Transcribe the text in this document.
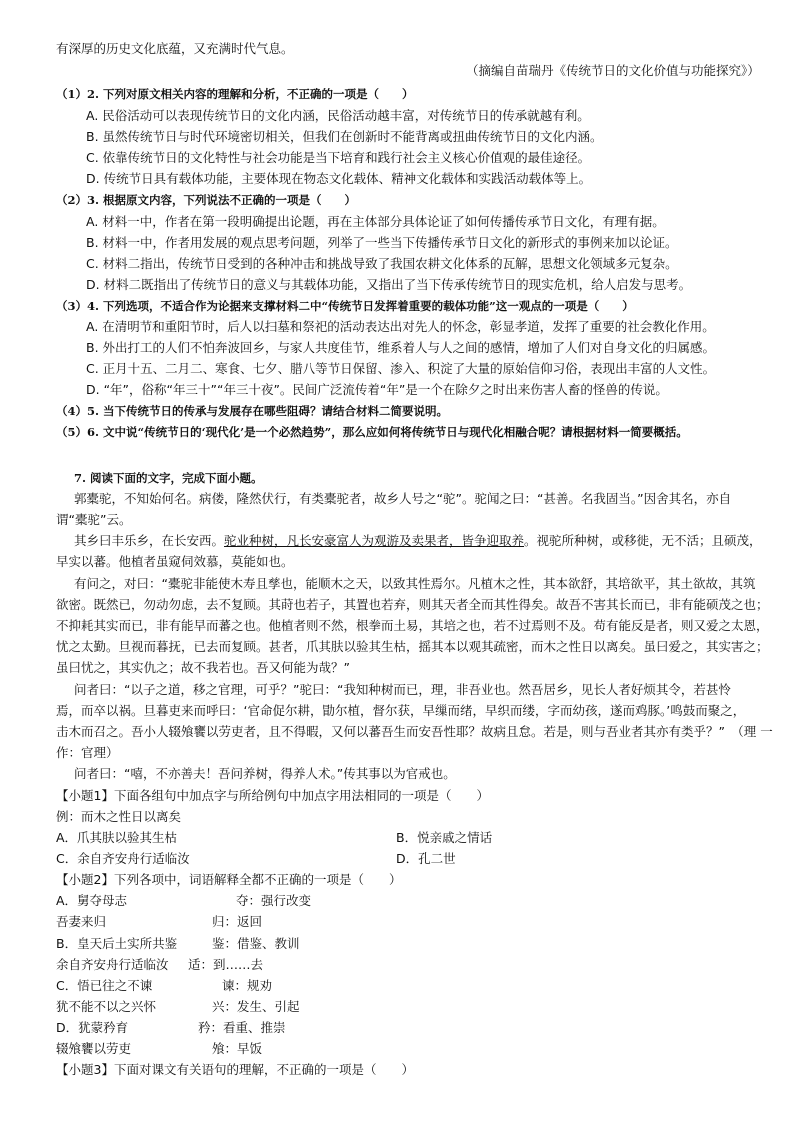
有深厚的历史文化底蕴，又充满时代气息。
（摘编自苗瑞丹《传统节日的文化价值与功能探究》）
（1）2. 下列对原文相关内容的理解和分析，不正确的一项是（　　）
A. 民俗活动可以表现传统节日的文化内涵，民俗活动越丰富，对传统节日的传承就越有利。
B. 虽然传统节日与时代环境密切相关，但我们在创新时不能背离或扭曲传统节日的文化内涵。
C. 依靠传统节日的文化特性与社会功能是当下培育和践行社会主义核心价值观的最佳途径。
D. 传统节日具有载体功能，主要体现在物态文化载体、精神文化载体和实践活动载体等上。
（2）3. 根据原文内容，下列说法不正确的一项是（　　）
A. 材料一中，作者在第一段明确提出论题，再在主体部分具体论证了如何传播传承节日文化，有理有据。
B. 材料一中，作者用发展的观点思考问题，列举了一些当下传播传承节日文化的新形式的事例来加以论证。
C. 材料二指出，传统节日受到的各种冲击和挑战导致了我国农耕文化体系的瓦解，思想文化领域多元复杂。
D. 材料二既指出了传统节日的意义与其载体功能，又指出了当下传承传统节日的现实危机，给人启发与思考。
（3）4. 下列选项，不适合作为论据来支撑材料二中“传统节日发挥着重要的载体功能”这一观点的一项是（　　）
A. 在清明节和重阳节时，后人以扫墓和祭祀的活动表达出对先人的怀念，彰显孝道，发挥了重要的社会教化作用。
B. 外出打工的人们不怕奔波回乡，与家人共度佳节，维系着人与人之间的感情，增加了人们对自身文化的归属感。
C. 正月十五、二月二、寒食、七夕、腊八等节日保留、渗入、积淀了大量的原始信仰习俗，表现出丰富的人文性。
D. “年”，俗称“年三十”“年三十夜”。民间广泛流传着“年”是一个在除夕之时出来伤害人畜的怪兽的传说。
（4）5. 当下传统节日的传承与发展存在哪些阻碍？请结合材料二简要说明。
（5）6. 文中说“传统节日的‘现代化’是一个必然趋势”，那么应如何将传统节日与现代化相融合呢？请根据材料一简要概括。
7. 阅读下面的文字，完成下面小题。
郭橐驼，不知始何名。病偻，隆然伏行，有类橐驼者，故乡人号之“驼”。驼闻之曰：“甚善。名我固当。”因舍其名，亦自
谓“橐驼”云。
其乡曰丰乐乡，在长安西。驼业种树，凡长安豪富人为观游及卖果者，皆争迎取养。视驼所种树，或移徙，无不活；且硕茂，
早实以蕃。他植者虽窥伺效慕，莫能如也。
有问之，对曰：“橐驼非能使木寿且孳也，能顺木之天，以致其性焉尔。凡植木之性，其本欲舒，其培欲平，其土欲故，其筑
欲密。既然已，勿动勿虑，去不复顾。其莳也若子，其置也若弃，则其天者全而其性得矣。故吾不害其长而已，非有能硕茂之也；
不抑耗其实而已，非有能早而蕃之也。他植者则不然，根拳而土易，其培之也，若不过焉则不及。苟有能反是者，则又爱之太恩，
忧之太勤。旦视而暮抚，已去而复顾。甚者，爪其肤以验其生枯，摇其本以观其疏密，而木之性日以离矣。虽曰爱之，其实害之；
虽曰忧之，其实仇之；故不我若也。吾又何能为哉？”
问者曰：“以子之道，移之官理，可乎？”驼曰：“我知种树而已，理，非吾业也。然吾居乡，见长人者好烦其令，若甚怜
焉，而卒以祸。旦暮吏来而呼曰：‘官命促尔耕，勖尔植，督尔获，早缫而绪，早织而缕，字而幼孩，遂而鸡豚。’鸣鼓而聚之，
击木而召之。吾小人辍飧饔以劳吏者，且不得暇，又何以蕃吾生而安吾性耶？故病且怠。若是，则与吾业者其亦有类乎？”　（理 一
作：官理）
问者曰：“嘻，不亦善夫！吾问养树，得养人术。”传其事以为官戒也。
【小题1】下面各组句中加点字与所给例句中加点字用法相同的一项是（　　）
例：而木之性日以离矣
A．爪其肤以验其生枯	B．悦亲戚之情话
C．余自齐安舟行适临汝	D．孔二世
【小题2】下列各项中，词语解释全都不正确的一项是（　　）
A．舅夺母志	夺：强行改变
吾妻来归	归：返回
B．皇天后土实所共鉴	鉴：借鉴、教训
余自齐安舟行适临汝 适：到……去
C．悟已往之不谏	谏：规劝
犹不能不以之兴怀	兴：发生、引起
D．犹蒙矜育	矜：看重、推崇
辍飧饔以劳吏	飧：早饭
【小题3】下面对课文有关语句的理解，不正确的一项是（　　）
